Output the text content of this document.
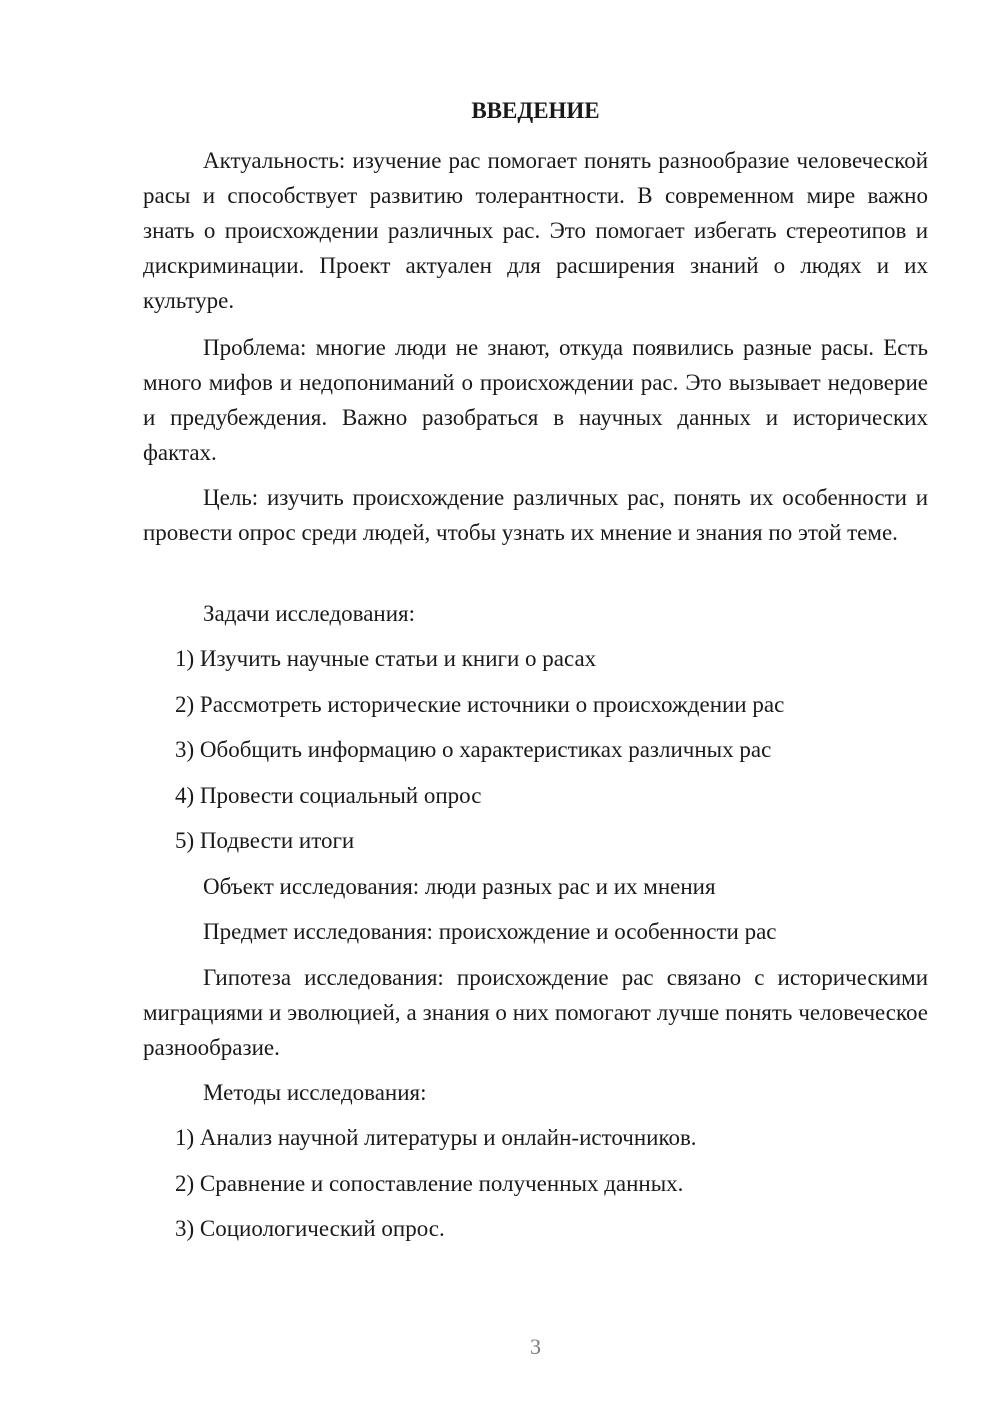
ВВЕДЕНИЕ

Актуальность: изучение рас помогает понять разнообразие человеческой расы и способствует развитию толерантности. В современном мире важно знать о происхождении различных рас. Это помогает избегать стереотипов и дискриминации. Проект актуален для расширения знаний о людях и их культуре.

Проблема: многие люди не знают, откуда появились разные расы. Есть много мифов и недопониманий о происхождении рас. Это вызывает недоверие и предубеждения. Важно разобраться в научных данных и исторических фактах.

Цель: изучить происхождение различных рас, понять их особенности и провести опрос среди людей, чтобы узнать их мнение и знания по этой теме.

Задачи исследования:

1) Изучить научные статьи и книги о расах

2) Рассмотреть исторические источники о происхождении рас

3) Обобщить информацию о характеристиках различных рас

4) Провести социальный опрос

5) Подвести итоги

Объект исследования: люди разных рас и их мнения

Предмет исследования: происхождение и особенности рас

Гипотеза исследования: происхождение рас связано с историческими миграциями и эволюцией, а знания о них помогают лучше понять человеческое разнообразие.

Методы исследования:

1) Анализ научной литературы и онлайн-источников.

2) Сравнение и сопоставление полученных данных.

3) Социологический опрос.

3
